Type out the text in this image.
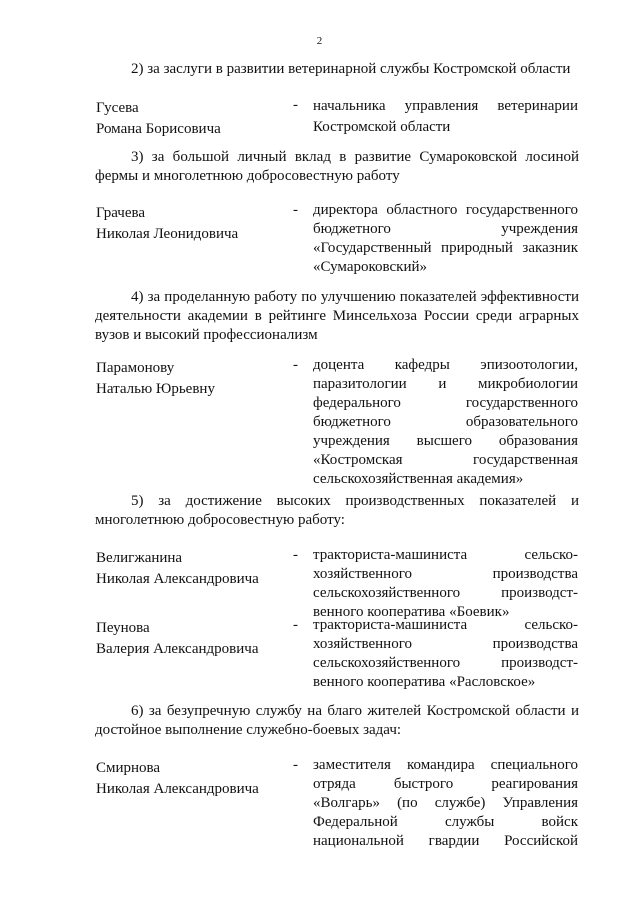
2
2) за заслуги в развитии ветеринарной службы Костромской области
Гусева
Романа Борисовича
- начальника управления ветеринарии
Костромской области
3) за большой личный вклад в развитие Сумароковской лосиной фермы и многолетнюю добросовестную работу
Грачева
Николая Леонидовича
- директора областного государственного
бюджетного учреждения
«Государственный природный заказник
«Сумароковский»
4) за проделанную работу по улучшению показателей эффективности деятельности академии в рейтинге Минсельхоза России среди аграрных вузов и высокий профессионализм
Парамонову
Наталью Юрьевну
- доцента кафедры эпизоотологии,
паразитологии и микробиологии
федерального государственного
бюджетного образовательного
учреждения высшего образования
«Костромская государственная
сельскохозяйственная академия»
5) за достижение высоких производственных показателей и многолетнюю добросовестную работу:
Велигжанина
Николая Александровича
- тракториста-машиниста сельско-
хозяйственного производства
сельскохозяйственного производст-
венного кооператива «Боевик»
Пеунова
Валерия Александровича
- тракториста-машиниста сельско-
хозяйственного производства
сельскохозяйственного производст-
венного кооператива «Расловское»
6) за безупречную службу на благо жителей Костромской области и достойное выполнение служебно-боевых задач:
Смирнова
Николая Александровича
- заместителя командира специального
отряда быстрого реагирования
«Волгарь» (по службе) Управления
Федеральной службы войск
национальной гвардии Российской
